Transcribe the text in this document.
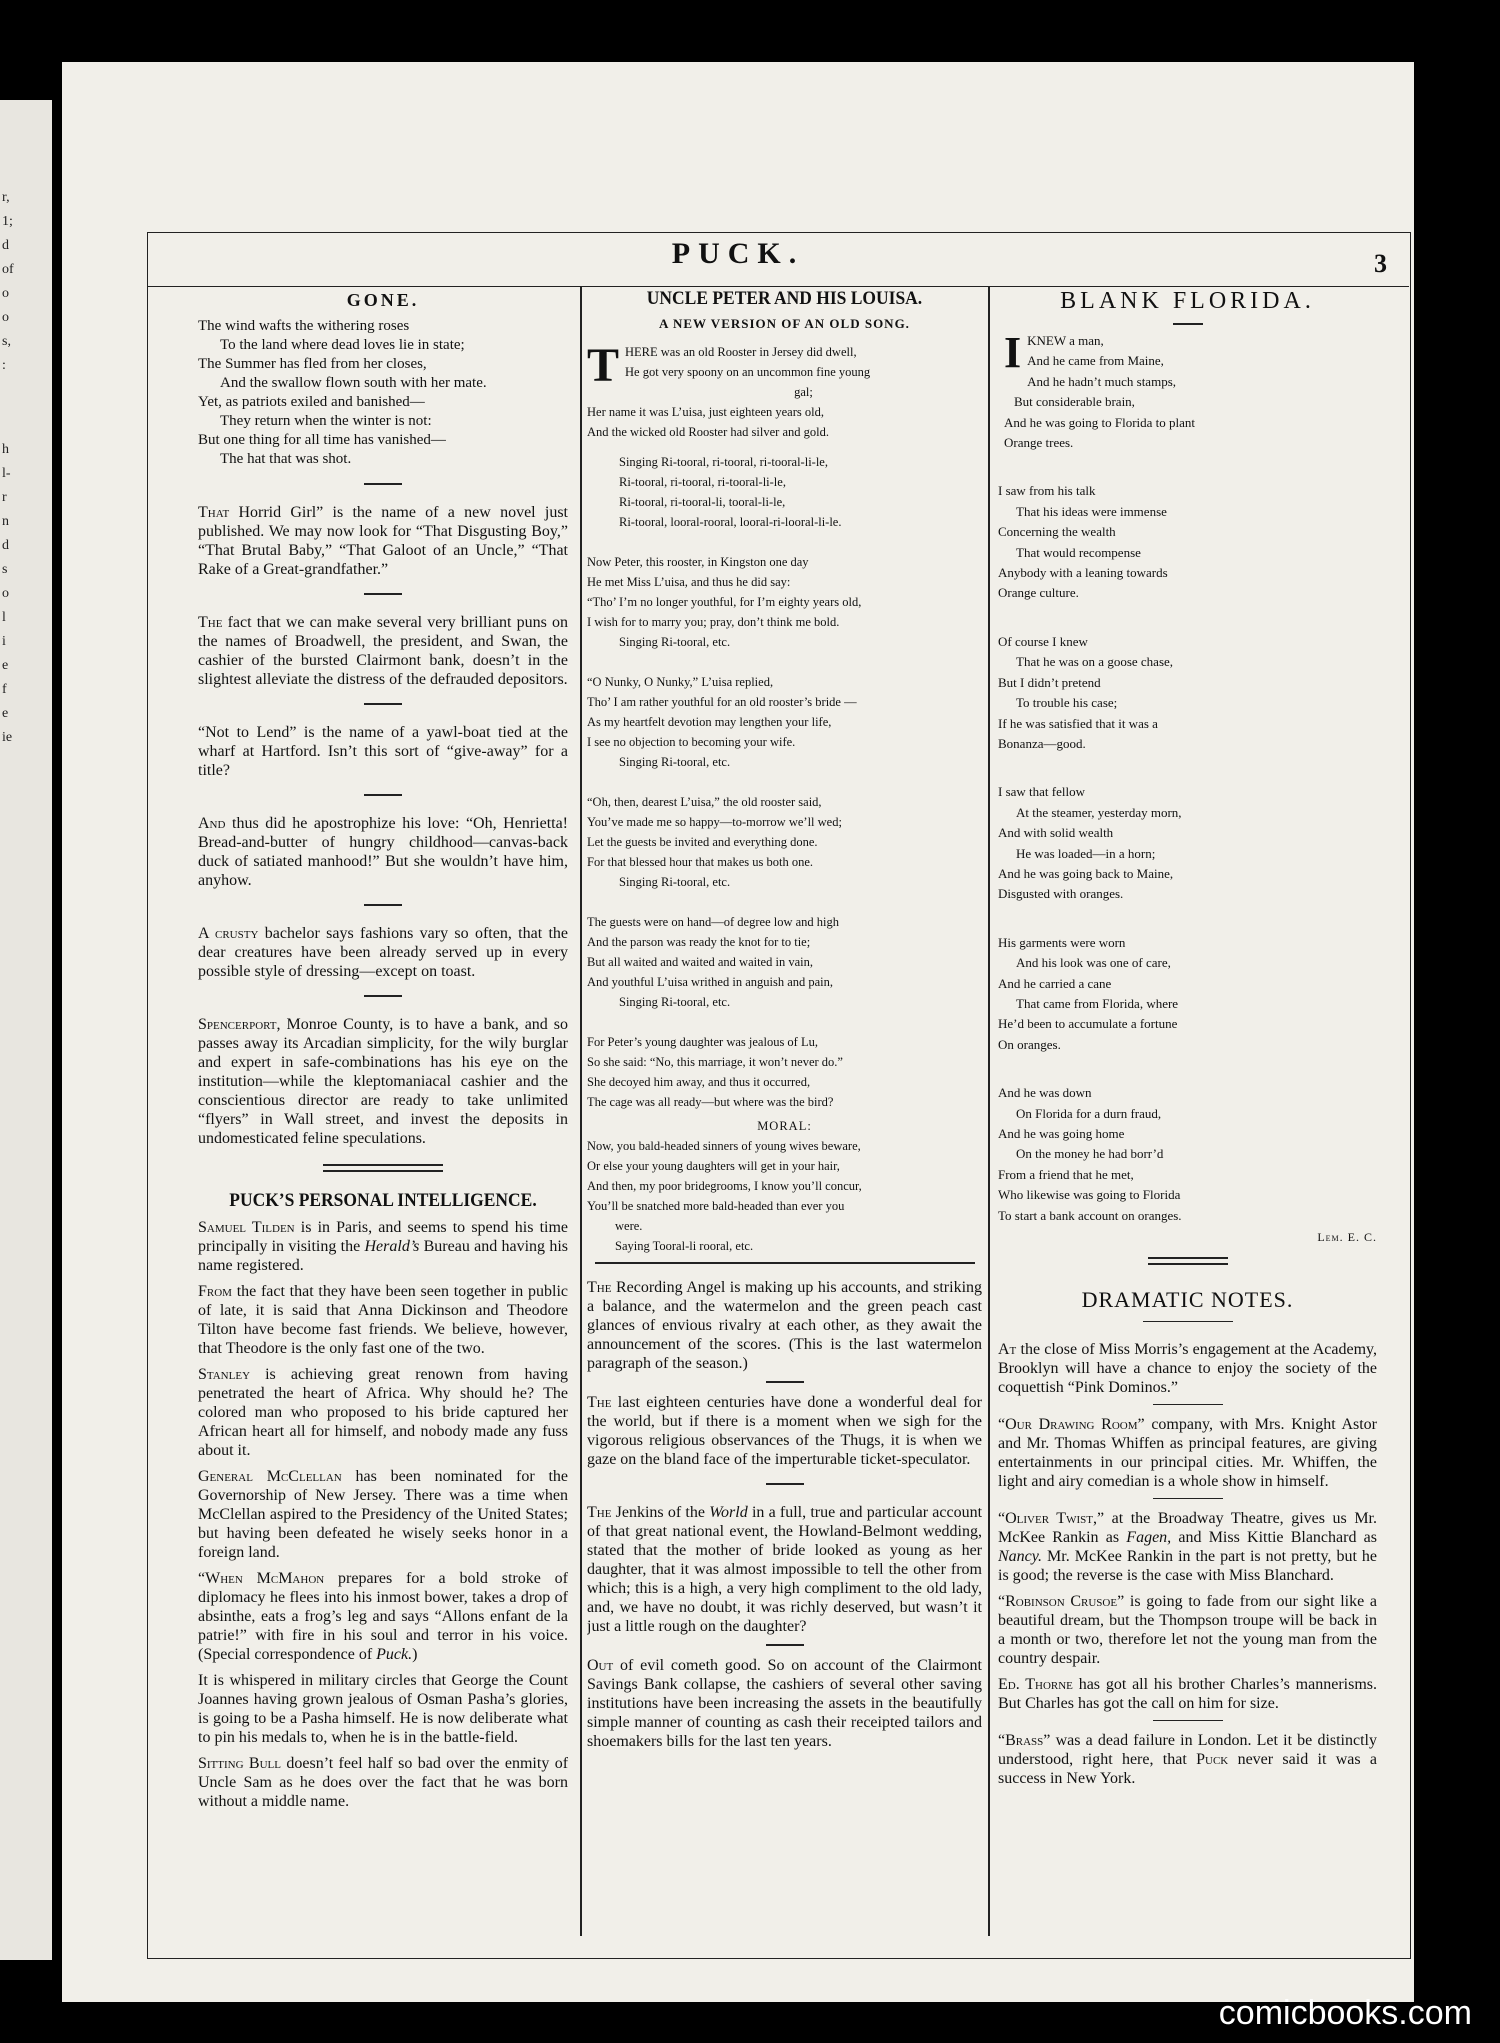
r,
1;
d
of
o
o
s,
:
h
l-
r
n
d
s
o
l
i
e
f
e
ie
PUCK.	3
GONE.
The wind wafts the withering roses
To the land where dead loves lie in state;
The Summer has fled from her closes,
And the swallow flown south with her mate.
Yet, as patriots exiled and banished—
They return when the winter is not:
But one thing for all time has vanished—
The hat that was shot.

That Horrid Girl” is the name of a new novel just published. We may now look for “That Disgusting Boy,” “That Brutal Baby,” “That Galoot of an Uncle,” “That Rake of a Great-grandfather.”

The fact that we can make several very brilliant puns on the names of Broadwell, the president, and Swan, the cashier of the bursted Clairmont bank, doesn’t in the slightest alleviate the distress of the defrauded depositors.

“Not to Lend” is the name of a yawl-boat tied at the wharf at Hartford. Isn’t this sort of “give-away” for a title?

And thus did he apostrophize his love: “Oh, Henrietta! Bread-and-butter of hungry childhood—canvas-back duck of satiated manhood!” But she wouldn’t have him, anyhow.

A crusty bachelor says fashions vary so often, that the dear creatures have been already served up in every possible style of dressing—except on toast.

Spencerport, Monroe County, is to have a bank, and so passes away its Arcadian simplicity, for the wily burglar and expert in safe-combinations has his eye on the institution—while the kleptomaniacal cashier and the conscientious director are ready to take unlimited “flyers” in Wall street, and invest the deposits in undomesticated feline speculations.

PUCK’S PERSONAL INTELLIGENCE.

Samuel Tilden is in Paris, and seems to spend his time principally in visiting the Herald’s Bureau and having his name registered.

From the fact that they have been seen together in public of late, it is said that Anna Dickinson and Theodore Tilton have become fast friends. We believe, however, that Theodore is the only fast one of the two.

Stanley is achieving great renown from having penetrated the heart of Africa. Why should he? The colored man who proposed to his bride captured her African heart all for himself, and nobody made any fuss about it.

General McClellan has been nominated for the Governorship of New Jersey. There was a time when McClellan aspired to the Presidency of the United States; but having been defeated he wisely seeks honor in a foreign land.

“When McMahon prepares for a bold stroke of diplomacy he flees into his inmost bower, takes a drop of absinthe, eats a frog’s leg and says “Allons enfant de la patrie!” with fire in his soul and terror in his voice. (Special correspondence of Puck.)

It is whispered in military circles that George the Count Joannes having grown jealous of Osman Pasha’s glories, is going to be a Pasha himself. He is now deliberate what to pin his medals to, when he is in the battle-field.

Sitting Bull doesn’t feel half so bad over the enmity of Uncle Sam as he does over the fact that he was born without a middle name.

UNCLE PETER AND HIS LOUISA.
A NEW VERSION OF AN OLD SONG.
T HERE was an old Rooster in Jersey did dwell,
He got very spoony on an uncommon fine young
gal;
Her name it was L’uisa, just eighteen years old,
And the wicked old Rooster had silver and gold.
Singing Ri-tooral, ri-tooral, ri-tooral-li-le,
Ri-tooral, ri-tooral, ri-tooral-li-le,
Ri-tooral, ri-tooral-li, tooral-li-le,
Ri-tooral, looral-rooral, looral-ri-looral-li-le.
Now Peter, this rooster, in Kingston one day
He met Miss L’uisa, and thus he did say:
“Tho’ I’m no longer youthful, for I’m eighty years old,
I wish for to marry you; pray, don’t think me bold.
Singing Ri-tooral, etc.
“O Nunky, O Nunky,” L’uisa replied,
Tho’ I am rather youthful for an old rooster’s bride —
As my heartfelt devotion may lengthen your life,
I see no objection to becoming your wife.
Singing Ri-tooral, etc.
“Oh, then, dearest L’uisa,” the old rooster said,
You’ve made me so happy—to-morrow we’ll wed;
Let the guests be invited and everything done.
For that blessed hour that makes us both one.
Singing Ri-tooral, etc.
The guests were on hand—of degree low and high
And the parson was ready the knot for to tie;
But all waited and waited and waited in vain,
And youthful L’uisa writhed in anguish and pain,
Singing Ri-tooral, etc.
For Peter’s young daughter was jealous of Lu,
So she said: “No, this marriage, it won’t never do.”
She decoyed him away, and thus it occurred,
The cage was all ready—but where was the bird?
MORAL:
Now, you bald-headed sinners of young wives beware,
Or else your young daughters will get in your hair,
And then, my poor bridegrooms, I know you’ll concur,
You’ll be snatched more bald-headed than ever you
were.
Saying Tooral-li rooral, etc.

The Recording Angel is making up his accounts, and striking a balance, and the watermelon and the green peach cast glances of envious rivalry at each other, as they await the announcement of the scores. (This is the last watermelon paragraph of the season.)

The last eighteen centuries have done a wonderful deal for the world, but if there is a moment when we sigh for the vigorous religious observances of the Thugs, it is when we gaze on the bland face of the imperturable ticket-speculator.

The Jenkins of the World in a full, true and particular account of that great national event, the Howland-Belmont wedding, stated that the mother of bride looked as young as her daughter, that it was almost impossible to tell the other from which; this is a high, a very high compliment to the old lady, and, we have no doubt, it was richly deserved, but wasn’t it just a little rough on the daughter?

Out of evil cometh good. So on account of the Clairmont Savings Bank collapse, the cashiers of several other saving institutions have been increasing the assets in the beautifully simple manner of counting as cash their receipted tailors and shoemakers bills for the last ten years.

BLANK FLORIDA.
I KNEW a man,
And he came from Maine,
And he hadn’t much stamps,
But considerable brain,
And he was going to Florida to plant
Orange trees.
I saw from his talk
That his ideas were immense
Concerning the wealth
That would recompense
Anybody with a leaning towards
Orange culture.
Of course I knew
That he was on a goose chase,
But I didn’t pretend
To trouble his case;
If he was satisfied that it was a
Bonanza—good.
I saw that fellow
At the steamer, yesterday morn,
And with solid wealth
He was loaded—in a horn;
And he was going back to Maine,
Disgusted with oranges.
His garments were worn
And his look was one of care,
And he carried a cane
That came from Florida, where
He’d been to accumulate a fortune
On oranges.
And he was down
On Florida for a durn fraud,
And he was going home
On the money he had borr’d
From a friend that he met,
Who likewise was going to Florida
To start a bank account on oranges.
Lem. E. C.
DRAMATIC NOTES.

At the close of Miss Morris’s engagement at the Academy, Brooklyn will have a chance to enjoy the society of the coquettish “Pink Dominos.”

“Our Drawing Room” company, with Mrs. Knight Astor and Mr. Thomas Whiffen as principal features, are giving entertainments in our principal cities. Mr. Whiffen, the light and airy comedian is a whole show in himself.

“Oliver Twist,” at the Broadway Theatre, gives us Mr. McKee Rankin as Fagen, and Miss Kittie Blanchard as Nancy. Mr. McKee Rankin in the part is not pretty, but he is good; the reverse is the case with Miss Blanchard.

“Robinson Crusoe” is going to fade from our sight like a beautiful dream, but the Thompson troupe will be back in a month or two, therefore let not the young man from the country despair.

Ed. Thorne has got all his brother Charles’s mannerisms. But Charles has got the call on him for size.

“Brass” was a dead failure in London. Let it be distinctly understood, right here, that Puck never said it was a success in New York.

comicbooks.com
